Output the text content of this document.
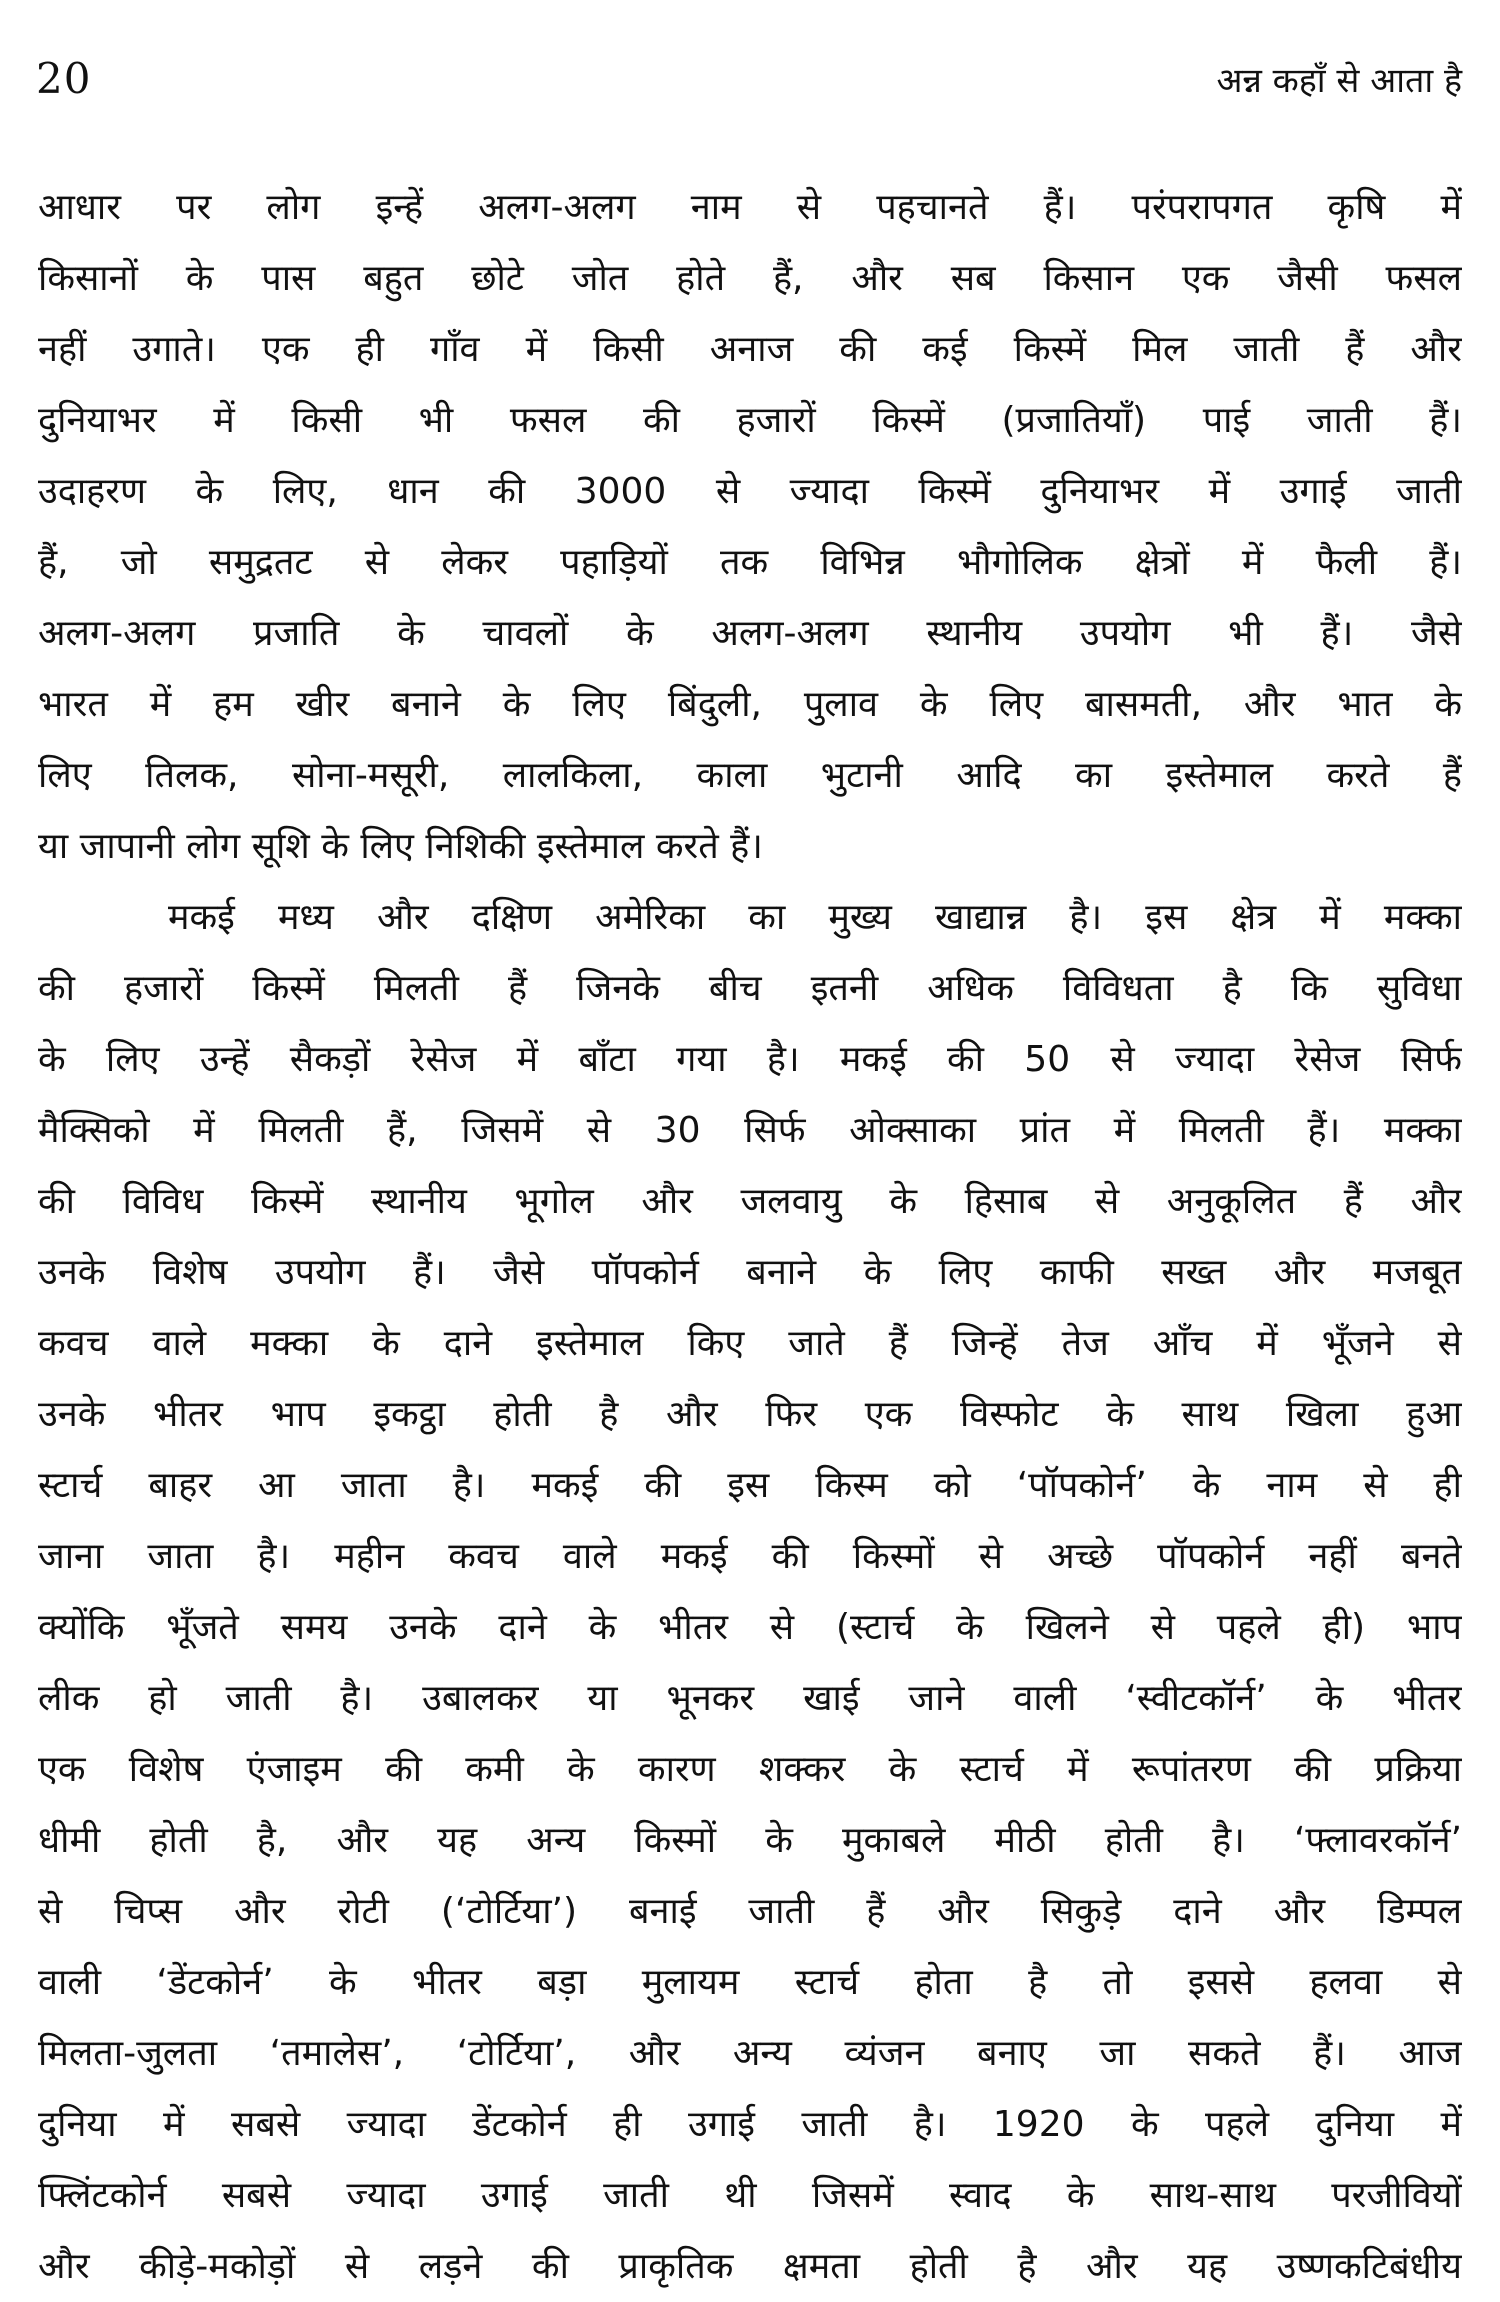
20	अन्न कहाँ से आता है
आधार पर लोग इन्हें अलग-अलग नाम से पहचानते हैं। परंपरापगत कृषि में
किसानों के पास बहुत छोटे जोत होते हैं, और सब किसान एक जैसी फसल
नहीं उगाते। एक ही गाँव में किसी अनाज की कई किस्में मिल जाती हैं और
दुनियाभर में किसी भी फसल की हजारों किस्में (प्रजातियाँ) पाई जाती हैं।
उदाहरण के लिए, धान की 3000 से ज्यादा किस्में दुनियाभर में उगाई जाती
हैं, जो समुद्रतट से लेकर पहाड़ियों तक विभिन्न भौगोलिक क्षेत्रों में फैली हैं।
अलग-अलग प्रजाति के चावलों के अलग-अलग स्थानीय उपयोग भी हैं। जैसे
भारत में हम खीर बनाने के लिए बिंदुली, पुलाव के लिए बासमती, और भात के
लिए तिलक, सोना-मसूरी, लालकिला, काला भुटानी आदि का इस्तेमाल करते हैं
या जापानी लोग सूशि के लिए निशिकी इस्तेमाल करते हैं।
मकई मध्य और दक्षिण अमेरिका का मुख्य खाद्यान्न है। इस क्षेत्र में मक्का
की हजारों किस्में मिलती हैं जिनके बीच इतनी अधिक विविधता है कि सुविधा
के लिए उन्हें सैकड़ों रेसेज में बाँटा गया है। मकई की 50 से ज्यादा रेसेज सिर्फ
मैक्सिको में मिलती हैं, जिसमें से 30 सिर्फ ओक्साका प्रांत में मिलती हैं। मक्का
की विविध किस्में स्थानीय भूगोल और जलवायु के हिसाब से अनुकूलित हैं और
उनके विशेष उपयोग हैं। जैसे पॉपकोर्न बनाने के लिए काफी सख्त और मजबूत
कवच वाले मक्का के दाने इस्तेमाल किए जाते हैं जिन्हें तेज आँच में भूँजने से
उनके भीतर भाप इकट्ठा होती है और फिर एक विस्फोट के साथ खिला हुआ
स्टार्च बाहर आ जाता है। मकई की इस किस्म को ‘पॉपकोर्न’ के नाम से ही
जाना जाता है। महीन कवच वाले मकई की किस्मों से अच्छे पॉपकोर्न नहीं बनते
क्योंकि भूँजते समय उनके दाने के भीतर से (स्टार्च के खिलने से पहले ही) भाप
लीक हो जाती है। उबालकर या भूनकर खाई जाने वाली ‘स्वीटकॉर्न’ के भीतर
एक विशेष एंजाइम की कमी के कारण शक्कर के स्टार्च में रूपांतरण की प्रक्रिया
धीमी होती है, और यह अन्य किस्मों के मुकाबले मीठी होती है। ‘फ्लावरकॉर्न’
से चिप्स और रोटी (‘टोर्टिया’) बनाई जाती हैं और सिकुड़े दाने और डिम्पल
वाली ‘डेंटकोर्न’ के भीतर बड़ा मुलायम स्टार्च होता है तो इससे हलवा से
मिलता-जुलता ‘तमालेस’, ‘टोर्टिया’, और अन्य व्यंजन बनाए जा सकते हैं। आज
दुनिया में सबसे ज्यादा डेंटकोर्न ही उगाई जाती है। 1920 के पहले दुनिया में
फ्लिंटकोर्न सबसे ज्यादा उगाई जाती थी जिसमें स्वाद के साथ-साथ परजीवियों
और कीड़े-मकोड़ों से लड़ने की प्राकृतिक क्षमता होती है और यह उष्णकटिबंधीय
